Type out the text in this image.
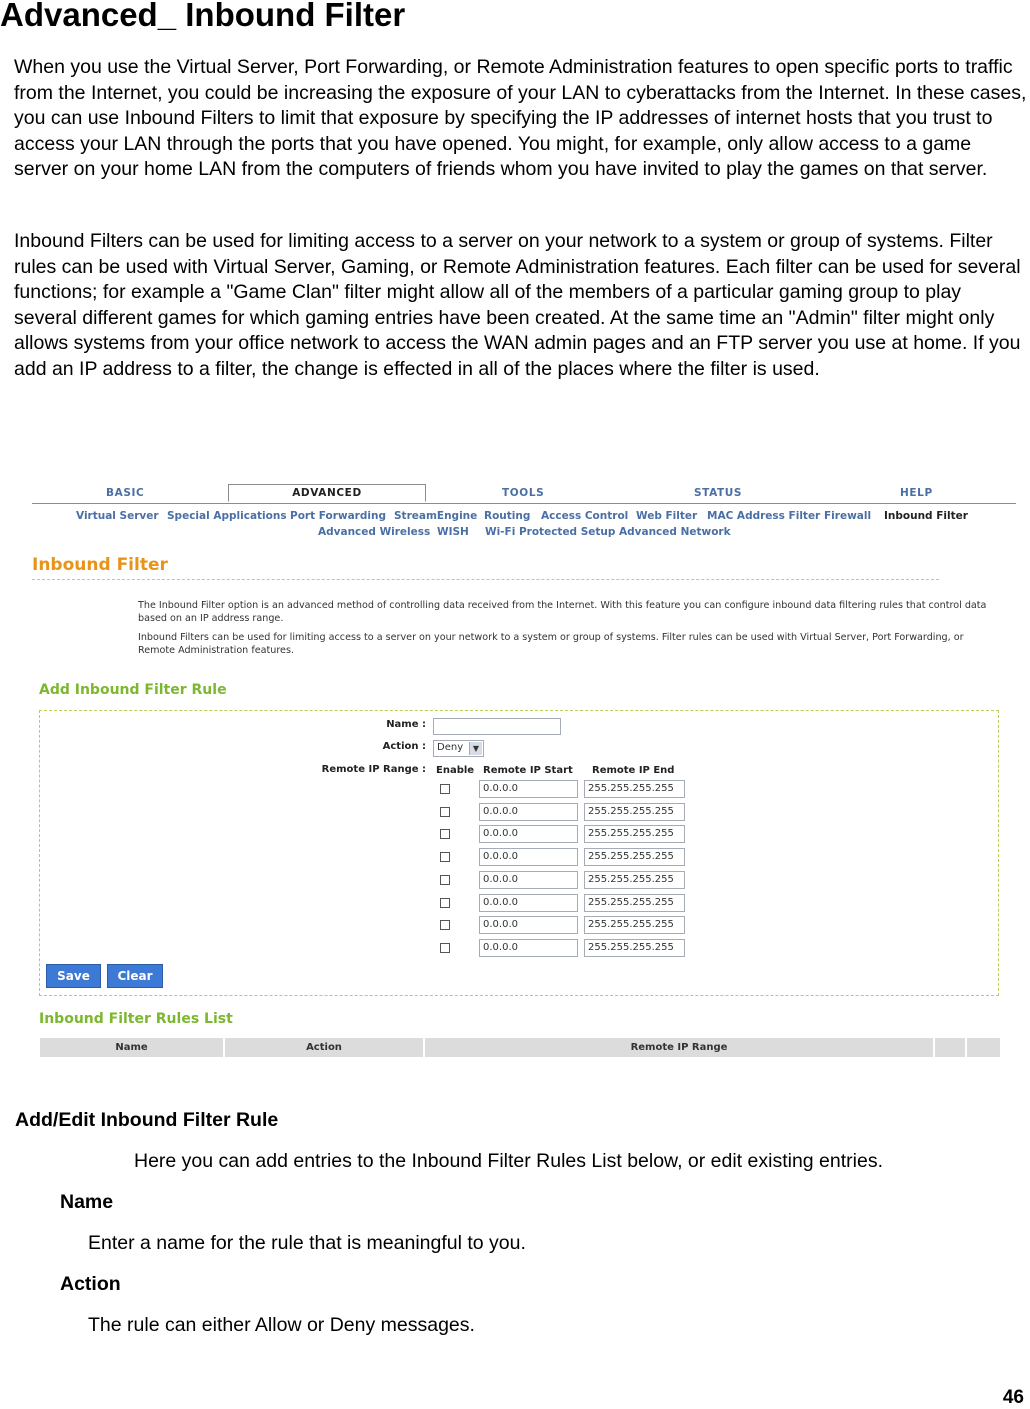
Advanced_ Inbound Filter

When you use the Virtual Server, Port Forwarding, or Remote Administration features to open specific ports to traffic from the Internet, you could be increasing the exposure of your LAN to cyberattacks from the Internet. In these cases, you can use Inbound Filters to limit that exposure by specifying the IP addresses of internet hosts that you trust to access your LAN through the ports that you have opened. You might, for example, only allow access to a game server on your home LAN from the computers of friends whom you have invited to play the games on that server.

Inbound Filters can be used for limiting access to a server on your network to a system or group of systems. Filter rules can be used with Virtual Server, Gaming, or Remote Administration features. Each filter can be used for several functions; for example a "Game Clan" filter might allow all of the members of a particular gaming group to play several different games for which gaming entries have been created. At the same time an "Admin" filter might only allows systems from your office network to access the WAN admin pages and an FTP server you use at home. If you add an IP address to a filter, the change is effected in all of the places where the filter is used.

BASIC	ADVANCED	TOOLS	STATUS	HELP
Virtual Server Special Applications Port Forwarding StreamEngine Routing Access Control Web Filter MAC Address Filter Firewall Inbound Filter
Advanced Wireless WISH Wi-Fi Protected Setup Advanced Network
Inbound Filter

The Inbound Filter option is an advanced method of controlling data received from the Internet. With this feature you can configure inbound data filtering rules that control data based on an IP address range.

Inbound Filters can be used for limiting access to a server on your network to a system or group of systems. Filter rules can be used with Virtual Server, Port Forwarding, or Remote Administration features.

Add Inbound Filter Rule
Name :
Action :	Deny	▼
Remote IP Range : Enable Remote IP Start Remote IP End
0.0.0.0	255.255.255.255
0.0.0.0	255.255.255.255
0.0.0.0	255.255.255.255
0.0.0.0	255.255.255.255
0.0.0.0	255.255.255.255
0.0.0.0	255.255.255.255
0.0.0.0	255.255.255.255
0.0.0.0	255.255.255.255
Save	Clear
Inbound Filter Rules List
Name	Action	Remote IP Range
Add/Edit Inbound Filter Rule

Here you can add entries to the Inbound Filter Rules List below, or edit existing entries.

Name

Enter a name for the rule that is meaningful to you.

Action

The rule can either Allow or Deny messages.

46
